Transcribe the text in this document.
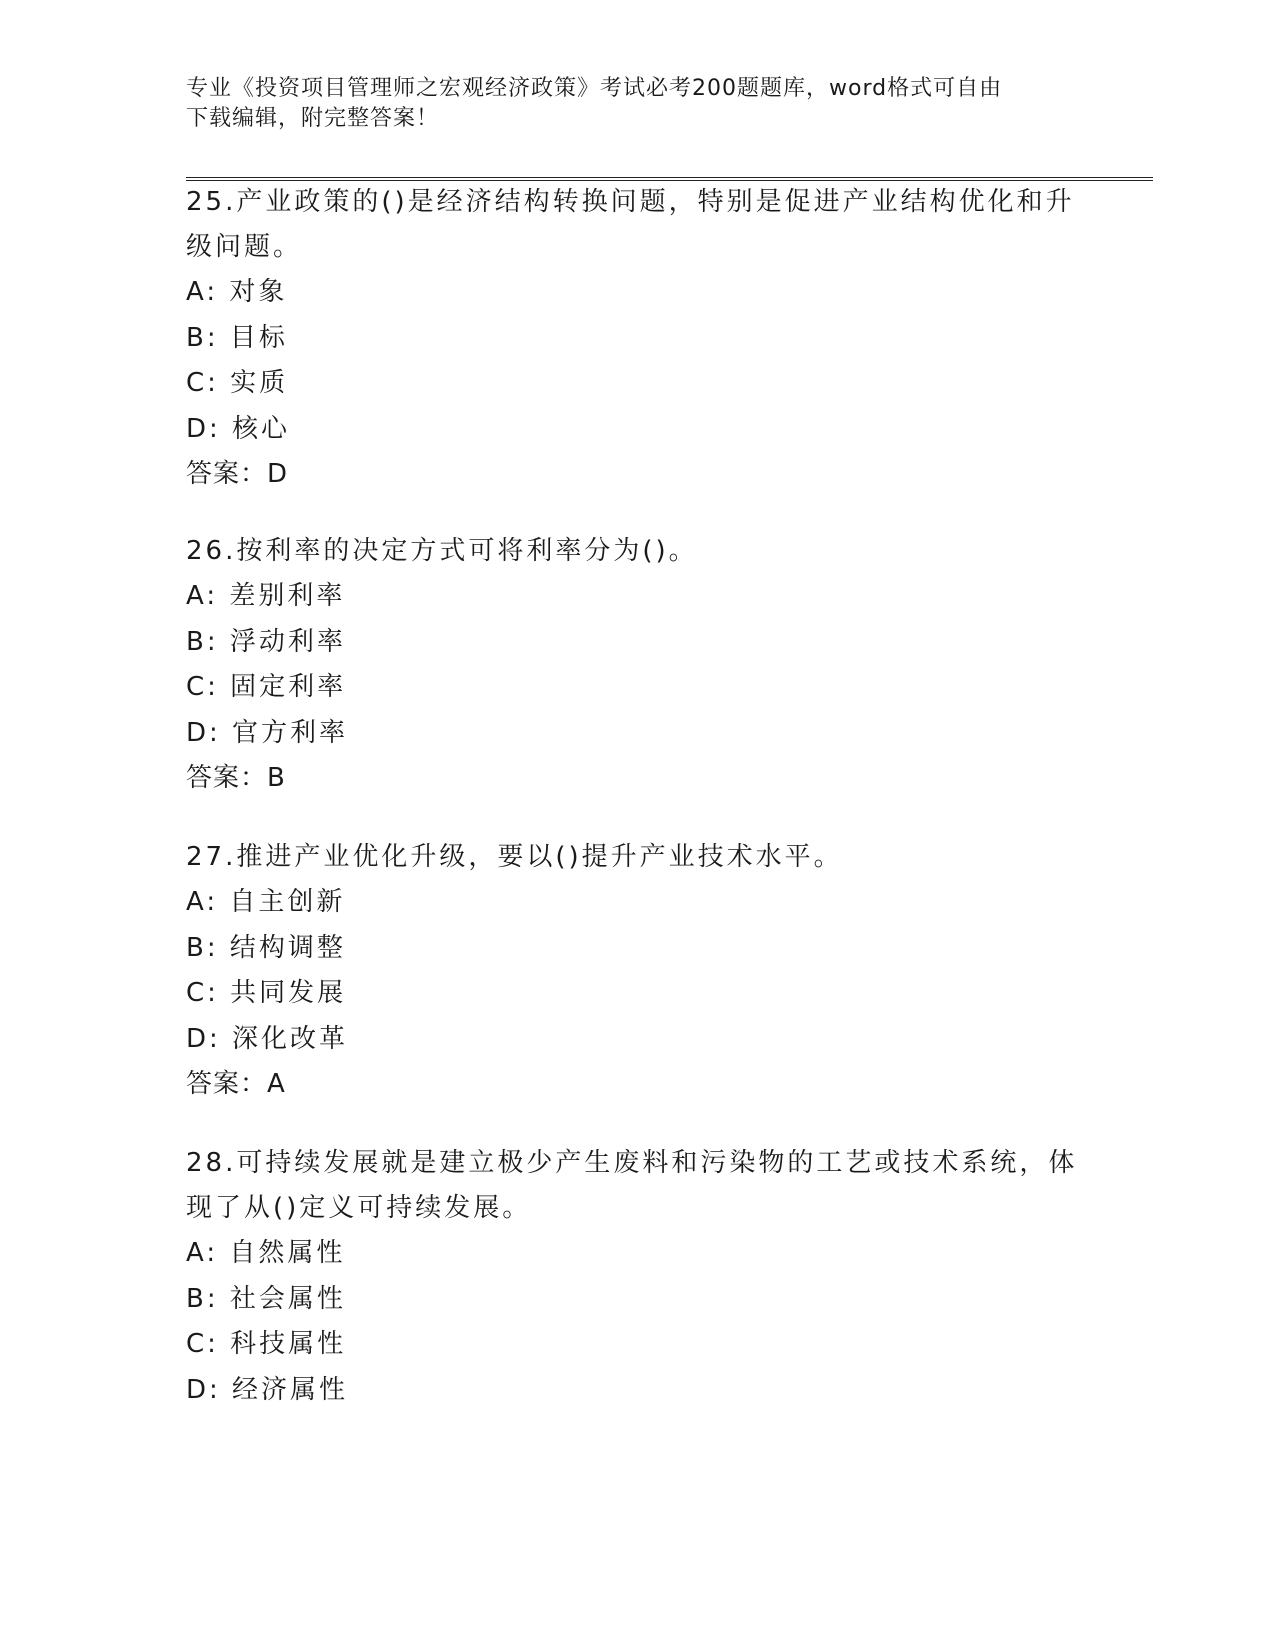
专业《投资项目管理师之宏观经济政策》考试必考200题题库，word格式可自由
下载编辑，附完整答案！
25.产业政策的()是经济结构转换问题，特别是促进产业结构优化和升
级问题。
A: 对象
B: 目标
C: 实质
D: 核心
答案：D
26.按利率的决定方式可将利率分为()。
A: 差别利率
B: 浮动利率
C: 固定利率
D: 官方利率
答案：B
27.推进产业优化升级，要以()提升产业技术水平。
A: 自主创新
B: 结构调整
C: 共同发展
D: 深化改革
答案：A
28.可持续发展就是建立极少产生废料和污染物的工艺或技术系统，体
现了从()定义可持续发展。
A: 自然属性
B: 社会属性
C: 科技属性
D: 经济属性
